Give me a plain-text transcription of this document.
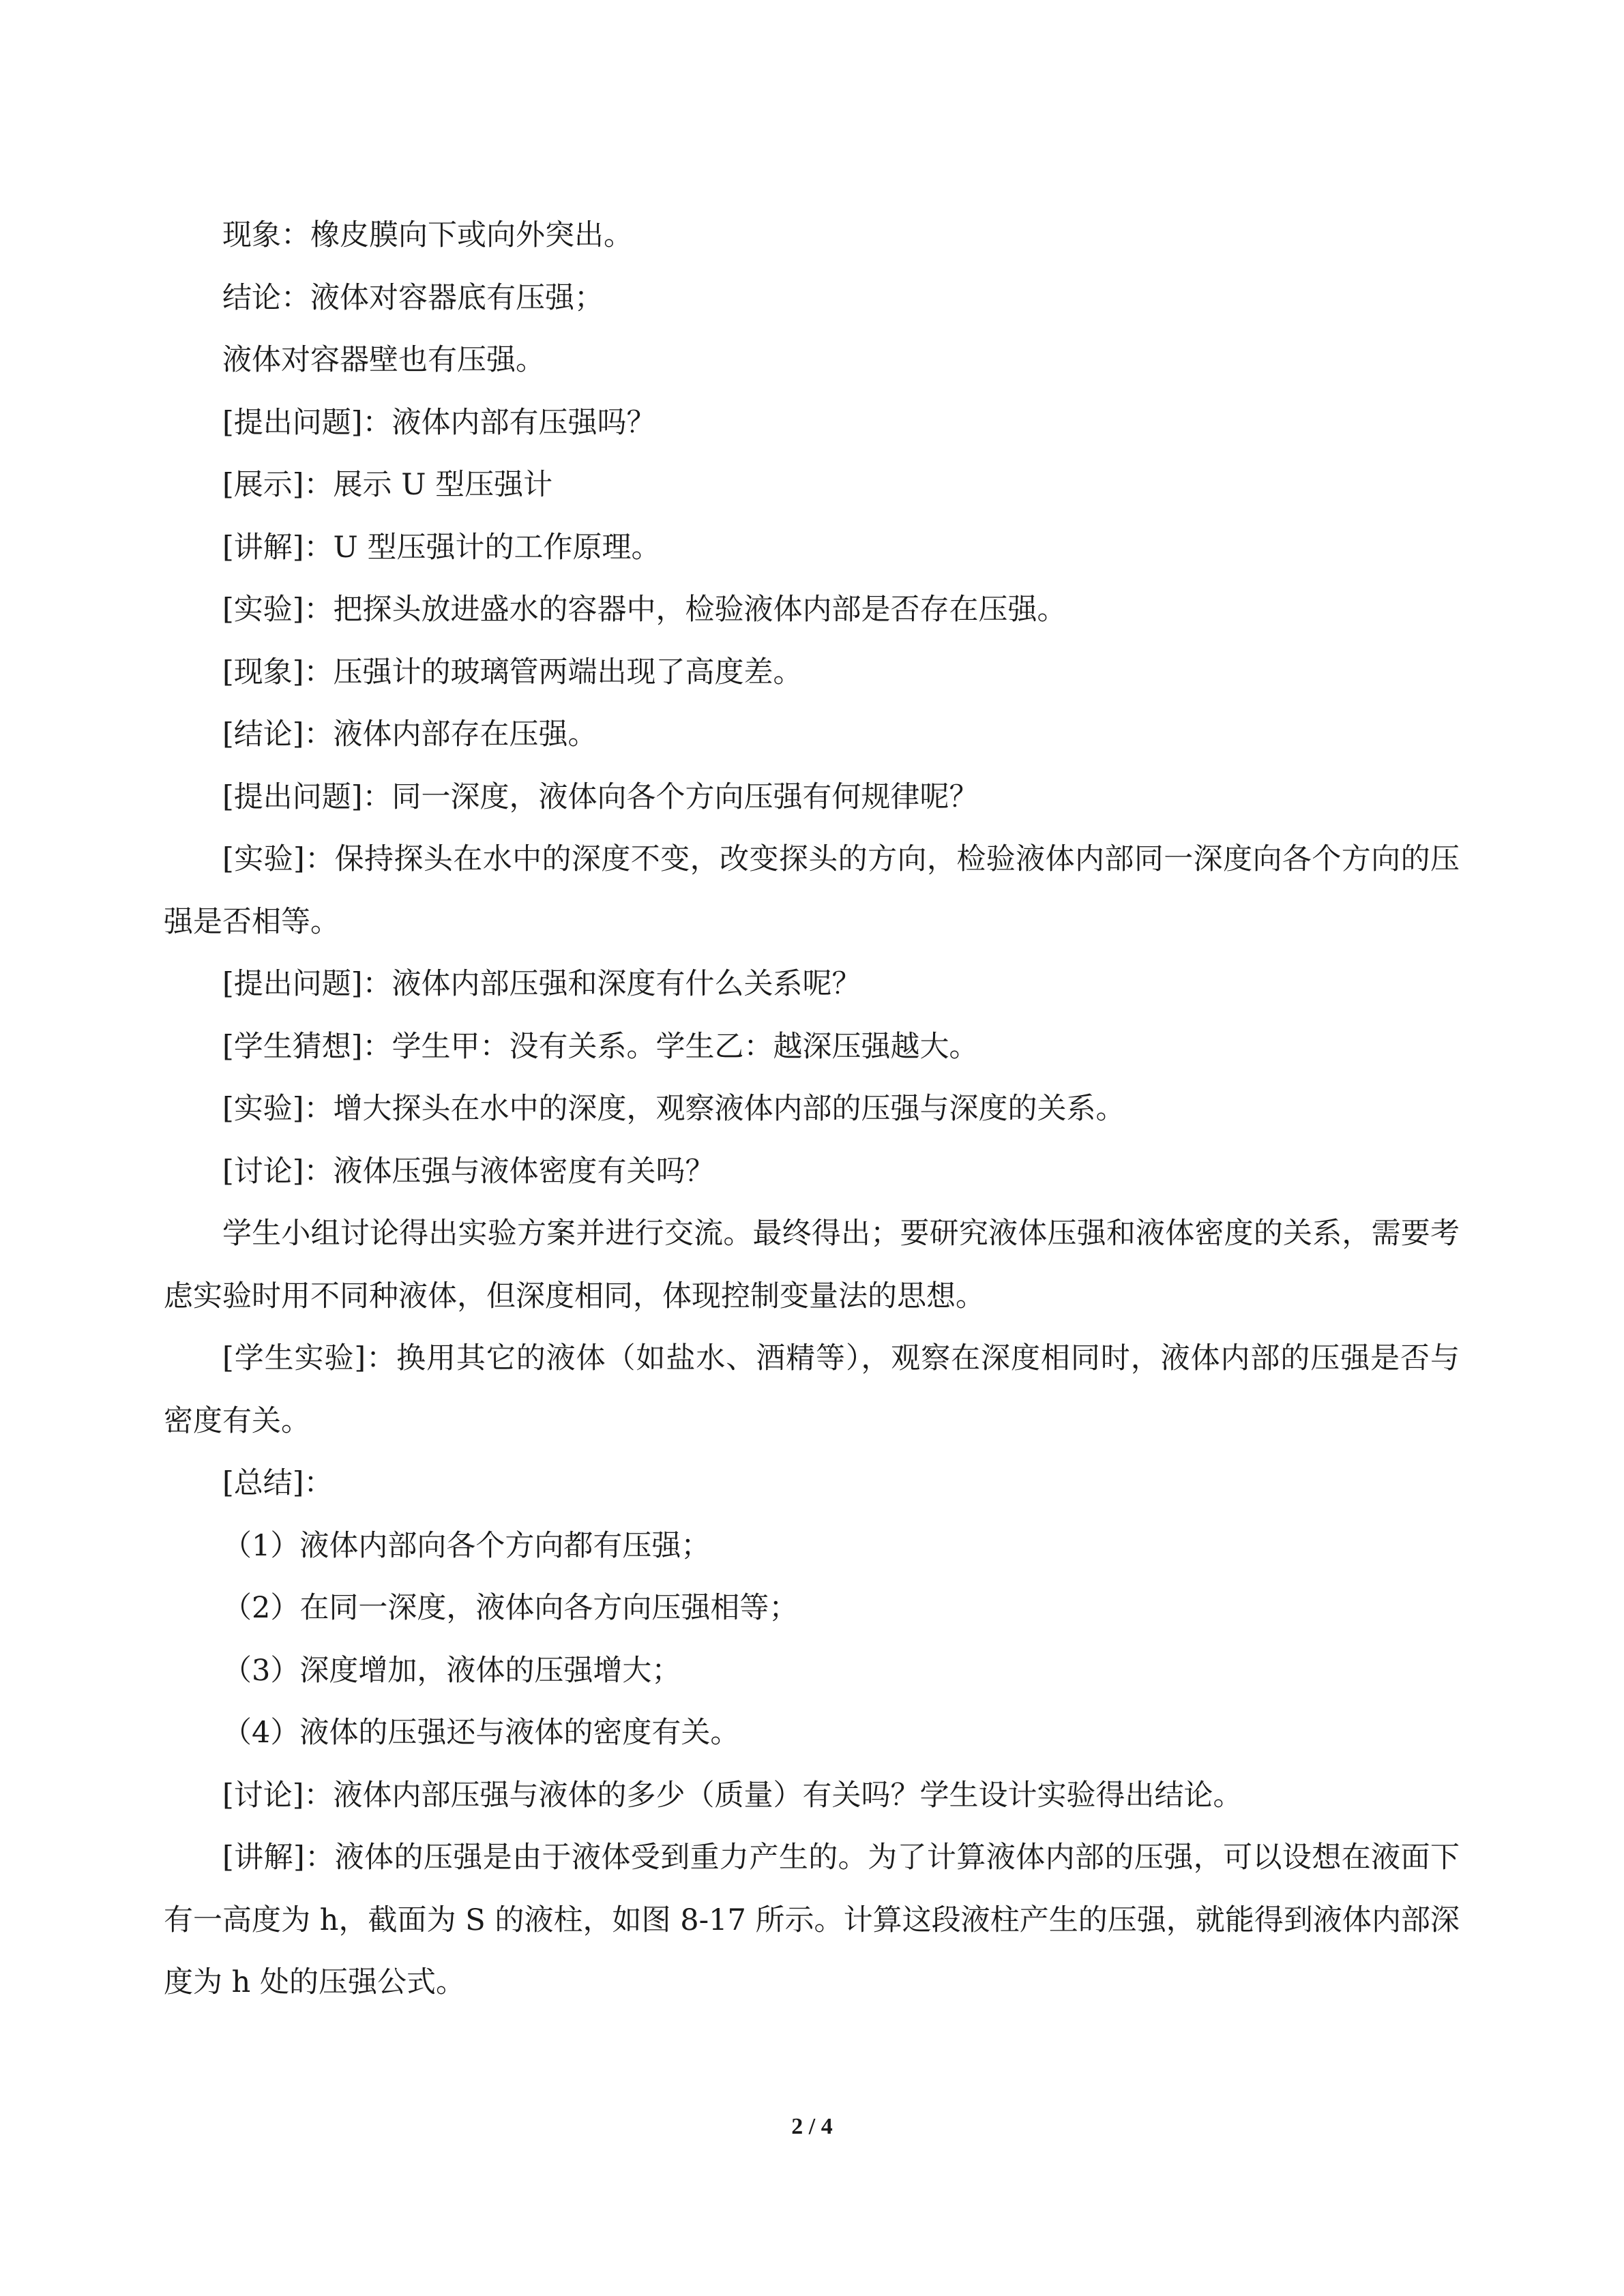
现象：橡皮膜向下或向外突出。

结论：液体对容器底有压强；

液体对容器壁也有压强。

[提出问题]：液体内部有压强吗？

[展示]：展示 U 型压强计

[讲解]：U 型压强计的工作原理。

[实验]：把探头放进盛水的容器中，检验液体内部是否存在压强。

[现象]：压强计的玻璃管两端出现了高度差。

[结论]：液体内部存在压强。

[提出问题]：同一深度，液体向各个方向压强有何规律呢？

[实验]：保持探头在水中的深度不变，改变探头的方向，检验液体内部同一深度向各个方向的压强是否相等。

[提出问题]：液体内部压强和深度有什么关系呢？

[学生猜想]：学生甲：没有关系。学生乙：越深压强越大。

[实验]：增大探头在水中的深度，观察液体内部的压强与深度的关系。

[讨论]：液体压强与液体密度有关吗？

学生小组讨论得出实验方案并进行交流。最终得出；要研究液体压强和液体密度的关系，需要考虑实验时用不同种液体，但深度相同，体现控制变量法的思想。

[学生实验]：换用其它的液体（如盐水、酒精等），观察在深度相同时，液体内部的压强是否与密度有关。

[总结]：

（1）液体内部向各个方向都有压强；

（2）在同一深度，液体向各方向压强相等；

（3）深度增加，液体的压强增大；

（4）液体的压强还与液体的密度有关。

[讨论]：液体内部压强与液体的多少（质量）有关吗？学生设计实验得出结论。

[讲解]：液体的压强是由于液体受到重力产生的。为了计算液体内部的压强，可以设想在液面下有一高度为 h，截面为 S 的液柱，如图 8-17 所示。计算这段液柱产生的压强，就能得到液体内部深度为 h 处的压强公式。

2 / 4
